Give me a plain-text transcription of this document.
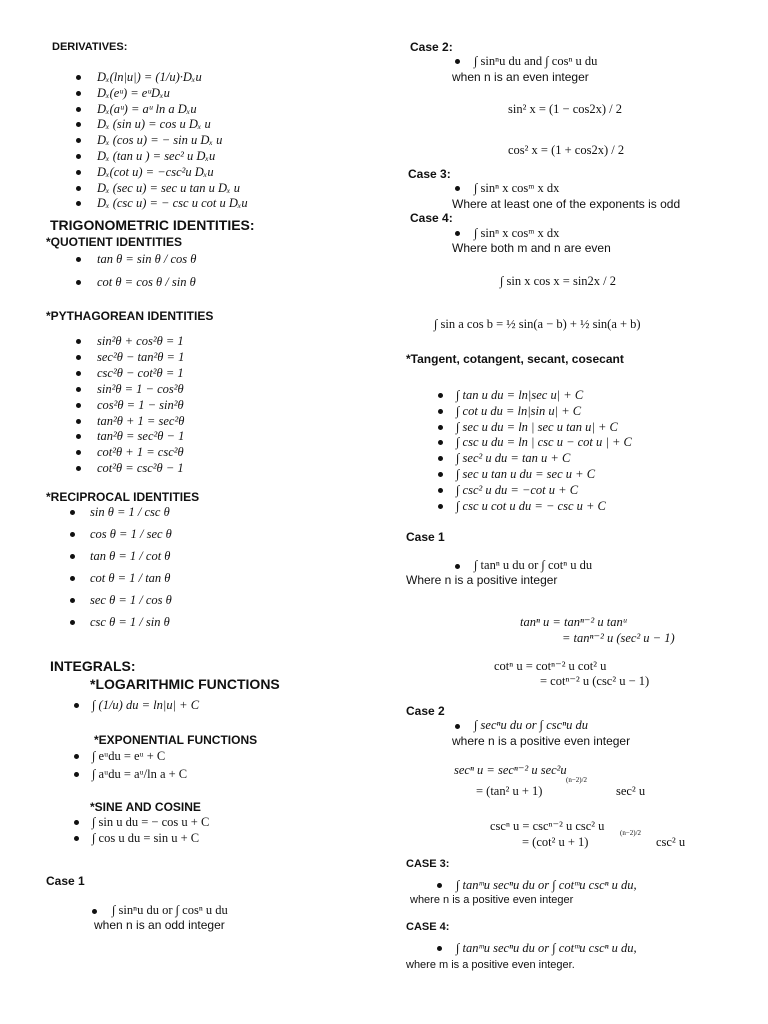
DERIVATIVES:
Dₓ(ln|u|) = (1/u)·Dₓu
Dₓ(eᵘ) = eᵘDₓu
Dₓ(aᵘ) = aᵘ ln a Dₓu
Dₓ (sin u) = cos u Dₓ u
Dₓ (cos u) = − sin u Dₓ u
Dₓ (tan u ) = sec² u Dₓu
Dₓ(cot u) = −csc²u Dₓu
Dₓ (sec u) = sec u tan u Dₓ u
Dₓ (csc u) = − csc u cot u Dₓu
TRIGONOMETRIC IDENTITIES:
*QUOTIENT IDENTITIES
tan θ = sin θ / cos θ
cot θ = cos θ / sin θ
*PYTHAGOREAN IDENTITIES
sin²θ + cos²θ = 1
sec²θ − tan²θ = 1
csc²θ − cot²θ = 1
sin²θ = 1 − cos²θ
cos²θ = 1 − sin²θ
tan²θ + 1 = sec²θ
tan²θ = sec²θ − 1
cot²θ + 1 = csc²θ
cot²θ = csc²θ − 1
*RECIPROCAL IDENTITIES
sin θ = 1 / csc θ
cos θ = 1 / sec θ
tan θ = 1 / cot θ
cot θ = 1 / tan θ
sec θ = 1 / cos θ
csc θ = 1 / sin θ
INTEGRALS:
*LOGARITHMIC FUNCTIONS
∫ (1/u) du = ln|u| + C
*EXPONENTIAL FUNCTIONS
∫ eᵘdu = eᵘ + C
∫ aᵘdu = aᵘ/ln a + C
*SINE AND COSINE
∫ sin u du = − cos u + C
∫ cos u du = sin u + C
Case 1
∫ sinⁿu du or ∫ cosⁿ u du
when n is an odd integer
Case 2:
∫ sinⁿu du and ∫ cosⁿ u du
when n is an even integer
sin² x = (1 − cos2x) / 2
cos² x = (1 + cos2x) / 2
Case 3:
∫ sinⁿ x cosᵐ x dx
Where at least one of the exponents is odd
Case 4:
∫ sinⁿ x cosᵐ x dx
Where both m and n are even
∫ sin x cos x = sin2x / 2
∫ sin a cos b = ½ sin(a − b) + ½ sin(a + b)
*Tangent, cotangent, secant, cosecant
∫ tan u du = ln|sec u| + C
∫ cot u du = ln|sin u| + C
∫ sec u du = ln | sec u tan u| + C
∫ csc u du = ln | csc u − cot u | + C
∫ sec² u du = tan u + C
∫ sec u tan u du = sec u + C
∫ csc² u du = −cot u + C
∫ csc u cot u du = − csc u + C
Case 1
∫ tanⁿ u du or ∫ cotⁿ u du
Where n is a positive integer
tanⁿ u = tanⁿ⁻² u tanᵘ
= tanⁿ⁻² u (sec² u − 1)
cotⁿ u = cotⁿ⁻² u cot² u
= cotⁿ⁻² u (csc² u − 1)
Case 2
∫ secⁿu du or ∫ cscⁿu du
where n is a positive even integer
secⁿ u = secⁿ⁻² u sec²u
= (tan² u + 1)
(n−2)/2
sec² u
cscⁿ u = cscⁿ⁻² u csc² u
= (cot² u + 1)
(n−2)/2
csc² u
CASE 3:
∫ tanᵐu secⁿu du or ∫ cotᵐu cscⁿ u du,
where n is a positive even integer
CASE 4:
∫ tanᵐu secⁿu du or ∫ cotᵐu cscⁿ u du,
where m is a positive even integer.
